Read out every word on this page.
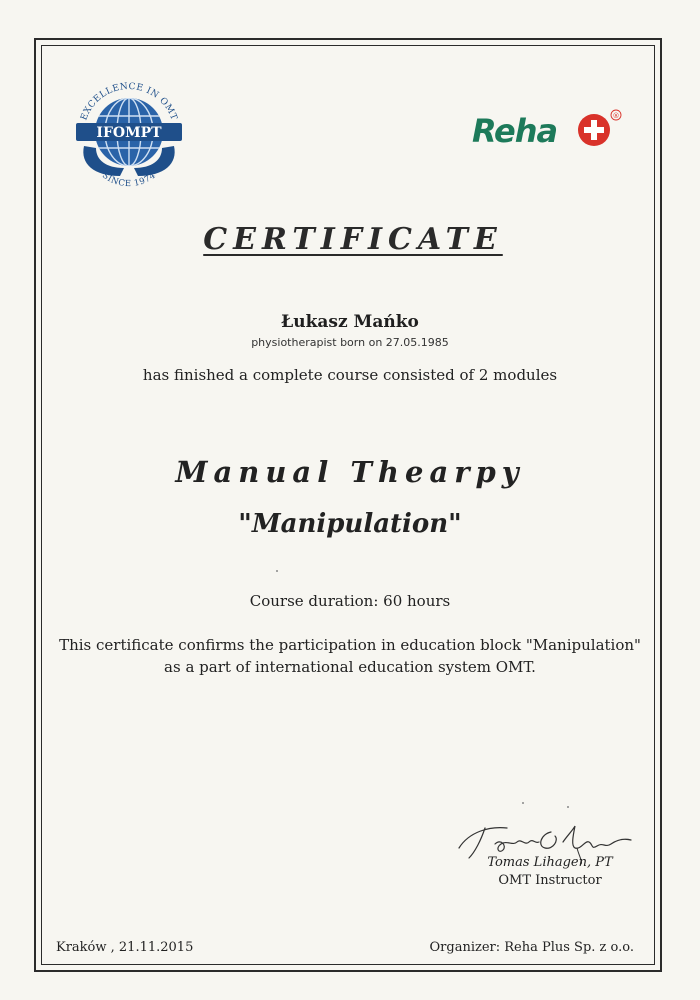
EXCELLENCE IN OMT
IFOMPT
SINCE 1974
Reha	®
CERTIFICATE
Łukasz Mańko
physiotherapist born on 27.05.1985
has finished a complete course consisted of 2 modules
Manual Thearpy
"Manipulation"
Course duration: 60 hours
This certificate confirms the participation in education block "Manipulation"
as a part of international education system OMT.
Tomas Lihagen, PT
OMT Instructor
Kraków , 21.11.2015	Organizer: Reha Plus Sp. z o.o.
